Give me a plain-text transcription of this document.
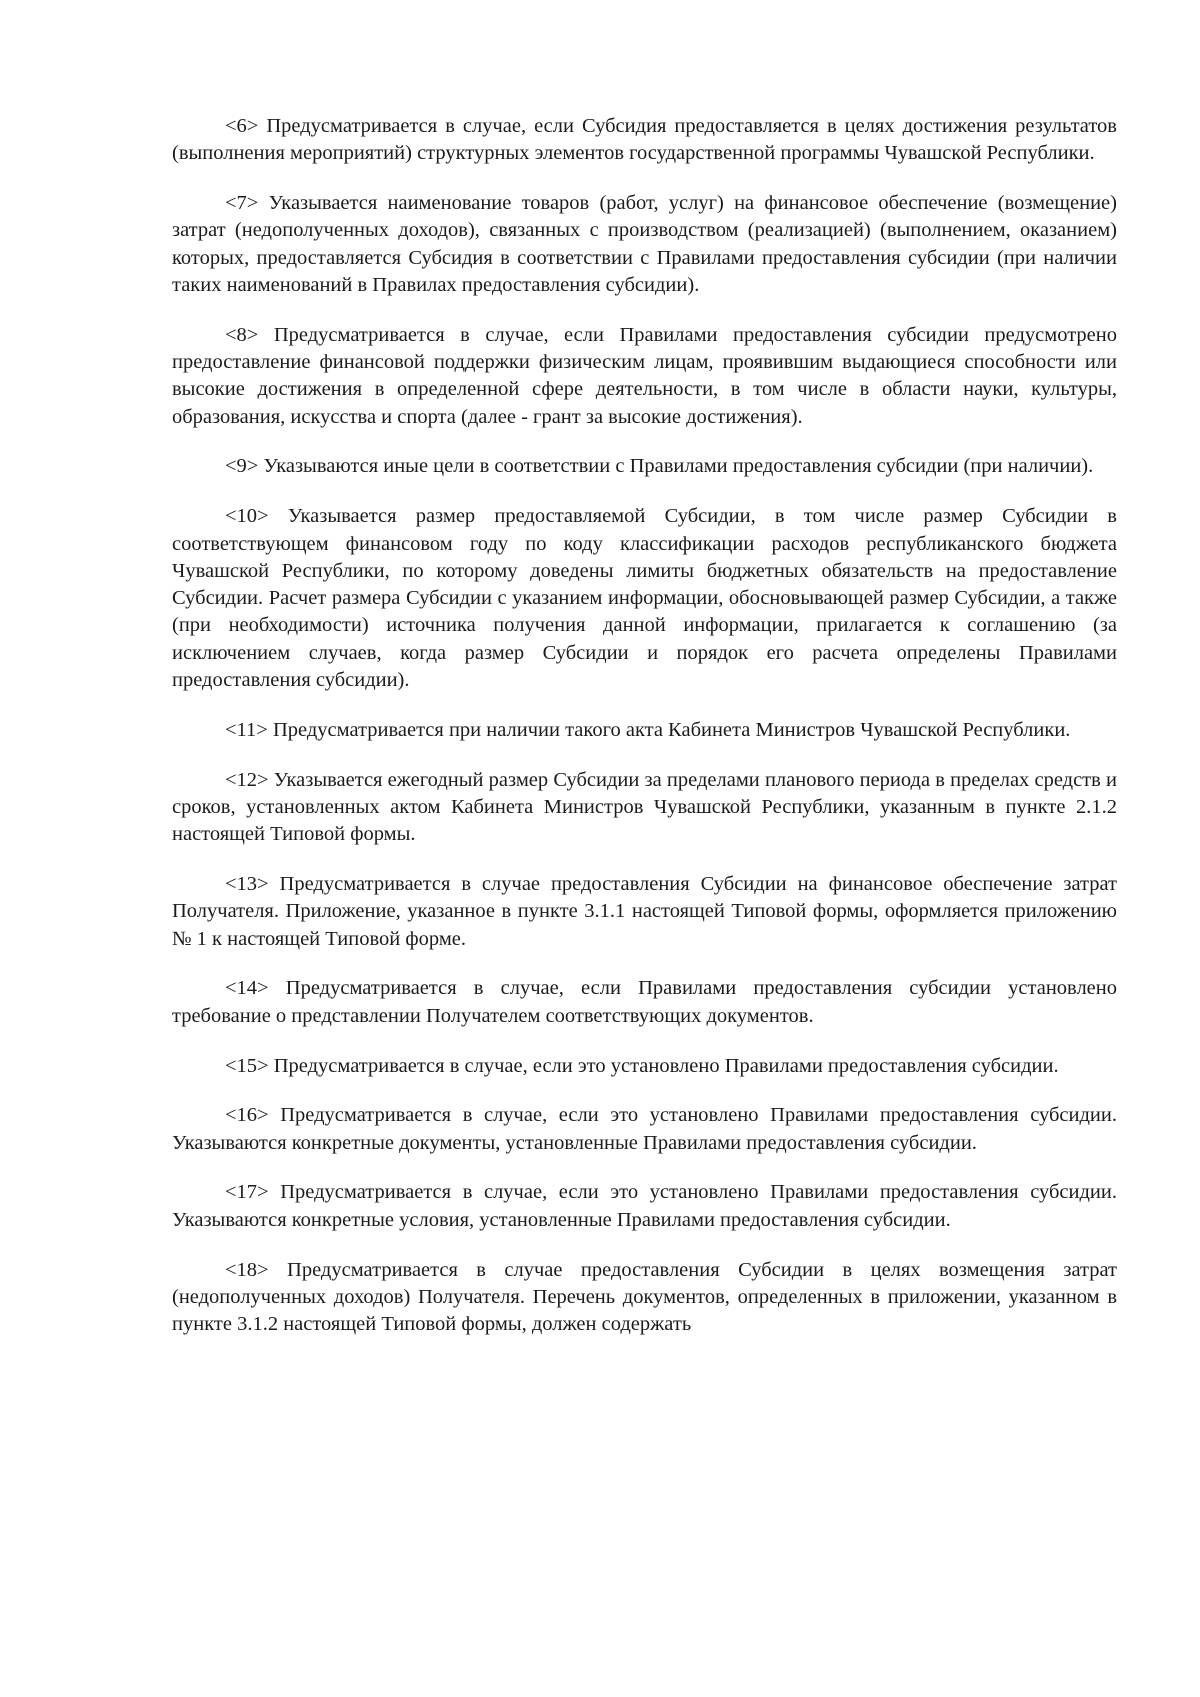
<6> Предусматривается в случае, если Субсидия предоставляется в целях достижения результатов (выполнения мероприятий) структурных элементов государственной программы Чувашской Республики.

<7> Указывается наименование товаров (работ, услуг) на финансовое обеспечение (возмещение) затрат (недополученных доходов), связанных с производством (реализацией) (выполнением, оказанием) которых, предоставляется Субсидия в соответствии с Правилами предоставления субсидии (при наличии таких наименований в Правилах предоставления субсидии).

<8> Предусматривается в случае, если Правилами предоставления субсидии предусмотрено предоставление финансовой поддержки физическим лицам, проявившим выдающиеся способности или высокие достижения в определенной сфере деятельности, в том числе в области науки, культуры, образования, искусства и спорта (далее - грант за высокие достижения).

<9> Указываются иные цели в соответствии с Правилами предоставления субсидии (при наличии).

<10> Указывается размер предоставляемой Субсидии, в том числе размер Субсидии в соответствующем финансовом году по коду классификации расходов республиканского бюджета Чувашской Республики, по которому доведены лимиты бюджетных обязательств на предоставление Субсидии. Расчет размера Субсидии с указанием информации, обосновывающей размер Субсидии, а также (при необходимости) источника получения данной информации, прилагается к соглашению (за исключением случаев, когда размер Субсидии и порядок его расчета определены Правилами предоставления субсидии).

<11> Предусматривается при наличии такого акта Кабинета Министров Чувашской Республики.

<12> Указывается ежегодный размер Субсидии за пределами планового периода в пределах средств и сроков, установленных актом Кабинета Министров Чувашской Республики, указанным в пункте 2.1.2 настоящей Типовой формы.

<13> Предусматривается в случае предоставления Субсидии на финансовое обеспечение затрат Получателя. Приложение, указанное в пункте 3.1.1 настоящей Типовой формы, оформляется приложению № 1 к настоящей Типовой форме.

<14> Предусматривается в случае, если Правилами предоставления субсидии установлено требование о представлении Получателем соответствующих документов.

<15> Предусматривается в случае, если это установлено Правилами предоставления субсидии.

<16> Предусматривается в случае, если это установлено Правилами предоставления субсидии. Указываются конкретные документы, установленные Правилами предоставления субсидии.

<17> Предусматривается в случае, если это установлено Правилами предоставления субсидии. Указываются конкретные условия, установленные Правилами предоставления субсидии.

<18> Предусматривается в случае предоставления Субсидии в целях возмещения затрат (недополученных доходов) Получателя. Перечень документов, определенных в приложении, указанном в пункте 3.1.2 настоящей Типовой формы, должен содержать
